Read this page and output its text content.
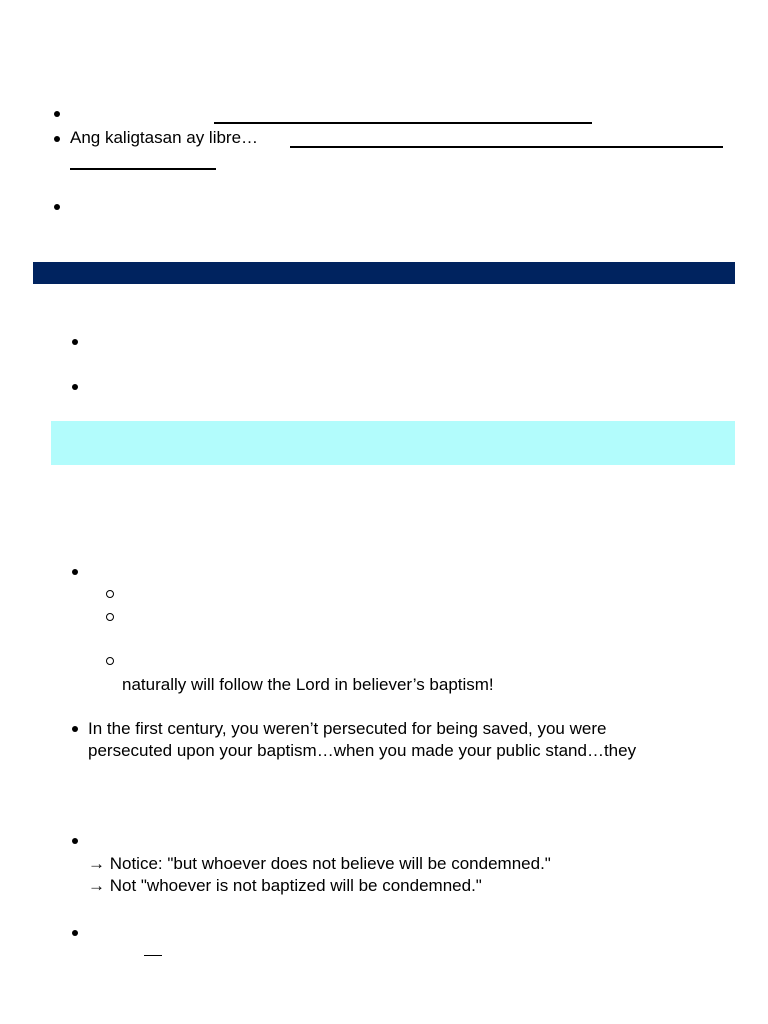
Ang kaligtasan ay libre…
naturally will follow the Lord in believer’s baptism!
In the first century, you weren’t persecuted for being saved, you were
persecuted upon your baptism…when you made your public stand…they
→ Notice: "but whoever does not believe will be condemned."
→ Not "whoever is not baptized will be condemned."
